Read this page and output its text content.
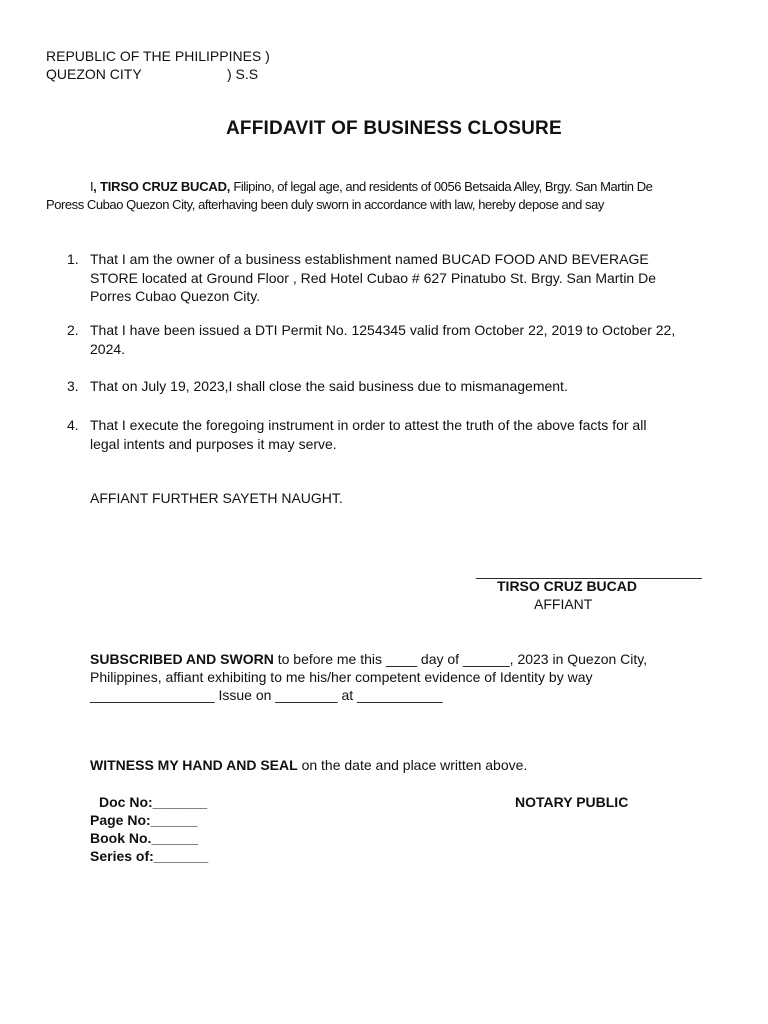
REPUBLIC OF THE PHILIPPINES )
QUEZON CITY	) S.S
AFFIDAVIT OF BUSINESS CLOSURE
I, TIRSO CRUZ BUCAD, Filipino, of legal age, and residents of 0056 Betsaida Alley, Brgy. San Martin De
Poress Cubao Quezon City, afterhaving been duly sworn in accordance with law, hereby depose and say
1. That I am the owner of a business establishment named BUCAD FOOD AND BEVERAGE
STORE located at Ground Floor , Red Hotel Cubao # 627 Pinatubo St. Brgy. San Martin De
Porres Cubao Quezon City.
2. That I have been issued a DTI Permit No. 1254345 valid from October 22, 2019 to October 22,
2024.
3. That on July 19, 2023,I shall close the said business due to mismanagement.
4. That I execute the foregoing instrument in order to attest the truth of the above facts for all
legal intents and purposes it may serve.
AFFIANT FURTHER SAYETH NAUGHT.
_____________________________
TIRSO CRUZ BUCAD
AFFIANT
SUBSCRIBED AND SWORN to before me this ____ day of ______, 2023 in Quezon City,
Philippines, affiant exhibiting to me his/her competent evidence of Identity by way
________________ Issue on ________ at ___________
WITNESS MY HAND AND SEAL on the date and place written above.
Doc No:_______
Page No:______
Book No.______
Series of:_______
NOTARY PUBLIC
